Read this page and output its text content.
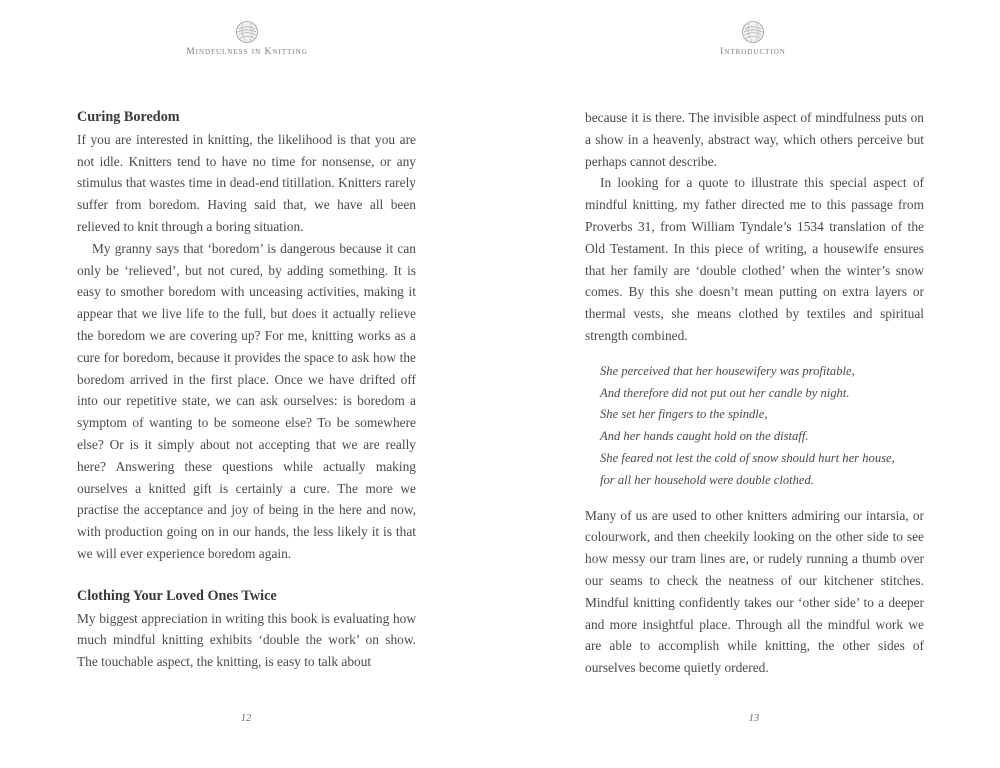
Mindfulness in Knitting
Curing Boredom

If you are interested in knitting, the likelihood is that you are not idle. Knitters tend to have no time for nonsense, or any stimulus that wastes time in dead-end titillation. Knitters rarely suffer from boredom. Having said that, we have all been relieved to knit through a boring situation.

My granny says that ‘boredom’ is dangerous because it can only be ‘relieved’, but not cured, by adding something. It is easy to smother boredom with unceasing activities, making it appear that we live life to the full, but does it actually relieve the boredom we are covering up? For me, knitting works as a cure for boredom, because it provides the space to ask how the boredom arrived in the first place. Once we have drifted off into our repetitive state, we can ask ourselves: is boredom a symptom of wanting to be someone else? To be somewhere else? Or is it simply about not accepting that we are really here? Answering these questions while actually making ourselves a knitted gift is certainly a cure. The more we practise the acceptance and joy of being in the here and now, with production going on in our hands, the less likely it is that we will ever experience boredom again.

Clothing Your Loved Ones Twice

My biggest appreciation in writing this book is evaluating how much mindful knitting exhibits ‘double the work’ on show. The touchable aspect, the knitting, is easy to talk about

12
Introduction

because it is there. The invisible aspect of mindfulness puts on a show in a heavenly, abstract way, which others perceive but perhaps cannot describe.

In looking for a quote to illustrate this special aspect of mindful knitting, my father directed me to this passage from Proverbs 31, from William Tyndale’s 1534 translation of the Old Testament. In this piece of writing, a housewife ensures that her family are ‘double clothed’ when the winter’s snow comes. By this she doesn’t mean putting on extra layers or thermal vests, she means clothed by textiles and spiritual strength combined.

She perceived that her housewifery was profitable,
And therefore did not put out her candle by night.
She set her fingers to the spindle,
And her hands caught hold on the distaff.
She feared not lest the cold of snow should hurt her house,
for all her household were double clothed.

Many of us are used to other knitters admiring our intarsia, or colourwork, and then cheekily looking on the other side to see how messy our tram lines are, or rudely running a thumb over our seams to check the neatness of our kitchener stitches. Mindful knitting confidently takes our ‘other side’ to a deeper and more insightful place. Through all the mindful work we are able to accomplish while knitting, the other sides of ourselves become quietly ordered.

13
